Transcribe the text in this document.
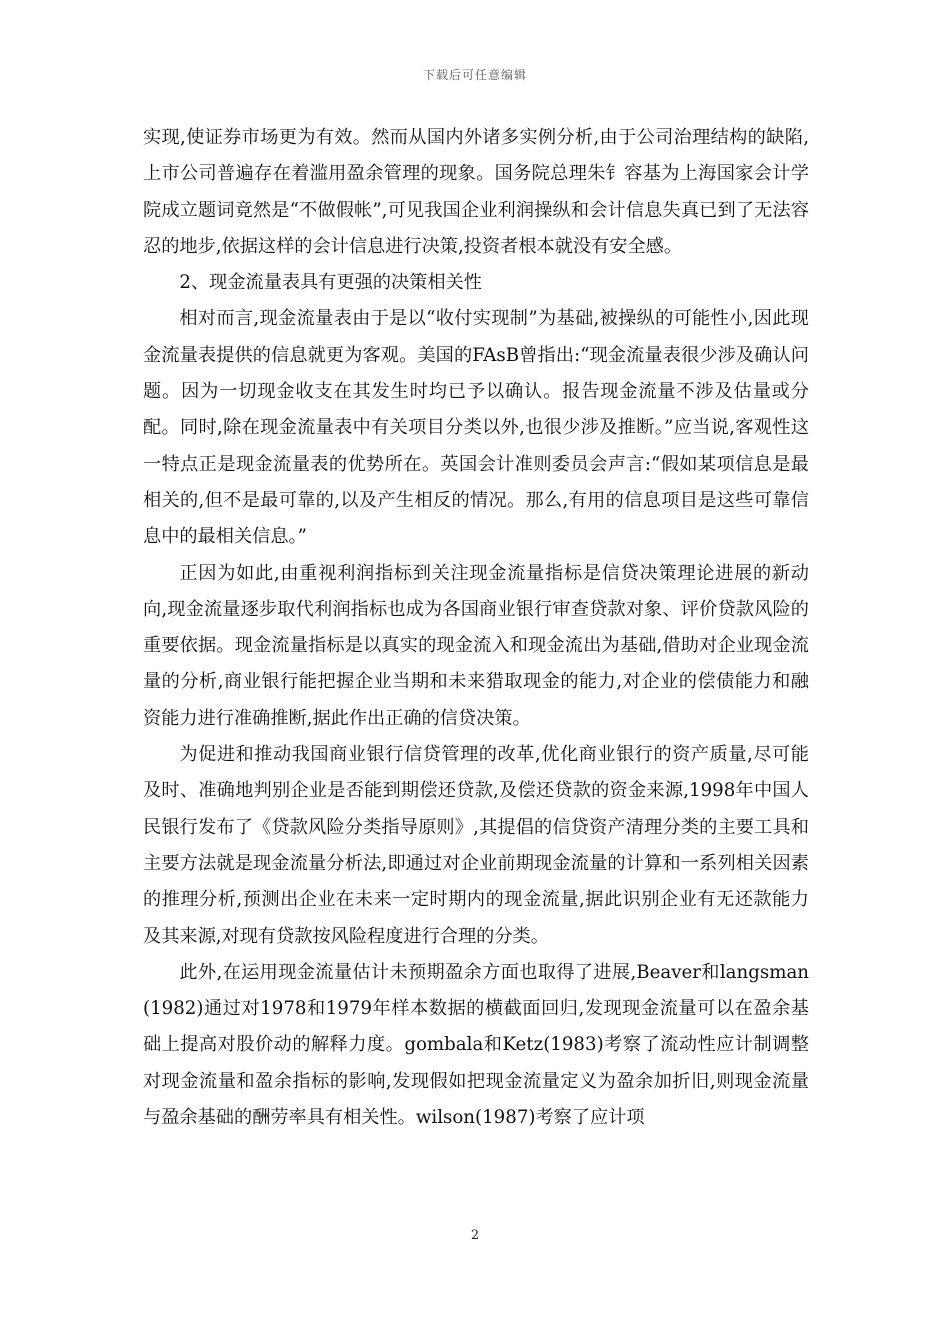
下载后可任意编辑

实现,使证券市场更为有效。然而从国内外诸多实例分析,由于公司治理结构的缺陷,上市公司普遍存在着滥用盈余管理的现象。国务院总理朱钅容基为上海国家会计学院成立题词竟然是“不做假帐”,可见我国企业利润操纵和会计信息失真已到了无法容忍的地步,依据这样的会计信息进行决策,投资者根本就没有安全感。

2、现金流量表具有更强的决策相关性

相对而言,现金流量表由于是以“收付实现制”为基础,被操纵的可能性小,因此现金流量表提供的信息就更为客观。美国的FAsB曾指出:“现金流量表很少涉及确认问题。因为一切现金收支在其发生时均已予以确认。报告现金流量不涉及估量或分配。同时,除在现金流量表中有关项目分类以外,也很少涉及推断。”应当说,客观性这一特点正是现金流量表的优势所在。英国会计准则委员会声言:“假如某项信息是最相关的,但不是最可靠的,以及产生相反的情况。那么,有用的信息项目是这些可靠信息中的最相关信息。”

正因为如此,由重视利润指标到关注现金流量指标是信贷决策理论进展的新动向,现金流量逐步取代利润指标也成为各国商业银行审查贷款对象、评价贷款风险的重要依据。现金流量指标是以真实的现金流入和现金流出为基础,借助对企业现金流量的分析,商业银行能把握企业当期和未来猎取现金的能力,对企业的偿债能力和融资能力进行准确推断,据此作出正确的信贷决策。

为促进和推动我国商业银行信贷管理的改革,优化商业银行的资产质量,尽可能及时、准确地判别企业是否能到期偿还贷款,及偿还贷款的资金来源,1998年中国人民银行发布了《贷款风险分类指导原则》,其提倡的信贷资产清理分类的主要工具和主要方法就是现金流量分析法,即通过对企业前期现金流量的计算和一系列相关因素的推理分析,预测出企业在未来一定时期内的现金流量,据此识别企业有无还款能力及其来源,对现有贷款按风险程度进行合理的分类。

此外,在运用现金流量估计未预期盈余方面也取得了进展,Beaver和langsman(1982)通过对1978和1979年样本数据的横截面回归,发现现金流量可以在盈余基础上提高对股价动的解释力度。gombala和Ketz(1983)考察了流动性应计制调整对现金流量和盈余指标的影响,发现假如把现金流量定义为盈余加折旧,则现金流量与盈余基础的酬劳率具有相关性。wilson(1987)考察了应计项

2
